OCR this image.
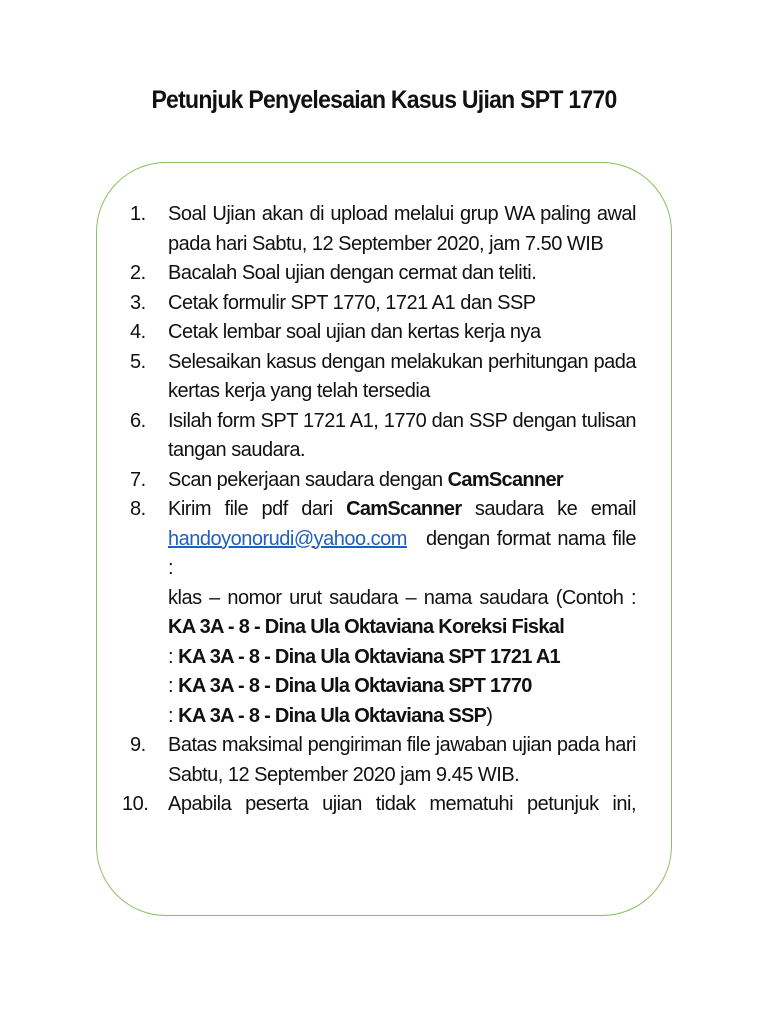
Petunjuk Penyelesaian Kasus Ujian SPT 1770
1. Soal Ujian akan di upload melalui grup WA paling awal pada hari Sabtu, 12 September 2020, jam 7.50 WIB

2. Bacalah Soal ujian dengan cermat dan teliti.

3. Cetak formulir SPT 1770, 1721 A1 dan SSP

4. Cetak lembar soal ujian dan kertas kerja nya

5. Selesaikan kasus dengan melakukan perhitungan pada kertas kerja yang telah tersedia

6. Isilah form SPT 1721 A1, 1770 dan SSP dengan tulisan tangan saudara.

7. Scan pekerjaan saudara dengan CamScanner

8. Kirim file pdf dari CamScanner saudara ke email handoyonorudi@yahoo.com dengan format nama file :

klas – nomor urut saudara – nama saudara (Contoh : KA 3A - 8 - Dina Ula Oktaviana Koreksi Fiskal

: KA 3A - 8 - Dina Ula Oktaviana SPT 1721 A1

: KA 3A - 8 - Dina Ula Oktaviana SPT 1770

: KA 3A - 8 - Dina Ula Oktaviana SSP)

9. Batas maksimal pengiriman file jawaban ujian pada hari Sabtu, 12 September 2020 jam 9.45 WIB.

10. Apabila peserta ujian tidak mematuhi petunjuk ini,
